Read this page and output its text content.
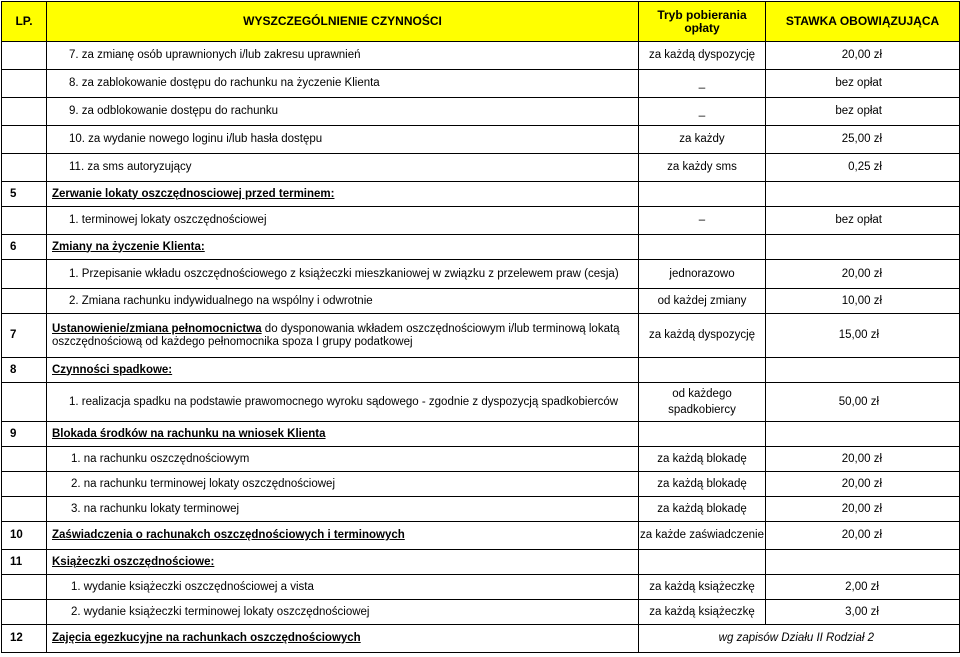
LP.	WYSZCZEGÓLNIENIE CZYNNOŚCI	Tryb pobierania opłaty	STAWKA OBOWIĄZUJĄCA
	7. za zmianę osób uprawnionych i/lub zakresu uprawnień	za każdą dyspozycję	20,00 zł
	8. za zablokowanie dostępu do rachunku na życzenie Klienta	_	bez opłat
	9. za odblokowanie dostępu do rachunku	_	bez opłat
	10. za wydanie nowego loginu i/lub hasła dostępu	za każdy	25,00 zł
	11. za sms autoryzujący	za każdy sms	0,25 zł
5	Zerwanie lokaty oszczędnosciowej przed terminem:		
	1. terminowej lokaty oszczędnościowej	–	bez opłat
6	Zmiany na życzenie Klienta:		
	1. Przepisanie wkładu oszczędnościowego z książeczki mieszkaniowej w związku z przelewem praw (cesja)	jednorazowo	20,00 zł
	2. Zmiana rachunku indywidualnego na wspólny i odwrotnie	od każdej zmiany	10,00 zł
7	Ustanowienie/zmiana pełnomocnictwa do dysponowania wkładem oszczędnościowym i/lub terminową lokatą oszczędnościową od każdego pełnomocnika spoza I grupy podatkowej	za każdą dyspozycję	15,00 zł
8	Czynności spadkowe:		
	1. realizacja spadku na podstawie prawomocnego wyroku sądowego - zgodnie z dyspozycją spadkobierców	od każdego spadkobiercy	50,00 zł
9	Blokada środków na rachunku na wniosek Klienta		
	1. na rachunku oszczędnościowym	za każdą blokadę	20,00 zł
	2. na rachunku terminowej lokaty oszczędnościowej	za każdą blokadę	20,00 zł
	3. na rachunku lokaty terminowej	za każdą blokadę	20,00 zł
10	Zaświadczenia o rachunakch oszczędnościowych i terminowych	za każde zaświadczenie	20,00 zł
11	Książeczki oszczędnościowe:		
	1. wydanie książeczki oszczędnościowej a vista	za każdą książeczkę	2,00 zł
	2. wydanie książeczki terminowej lokaty oszczędnościowej	za każdą książeczkę	3,00 zł
12	Zajęcia egezkucyjne na rachunkach oszczędnościowych	wg zapisów Działu II Rodział 2	
